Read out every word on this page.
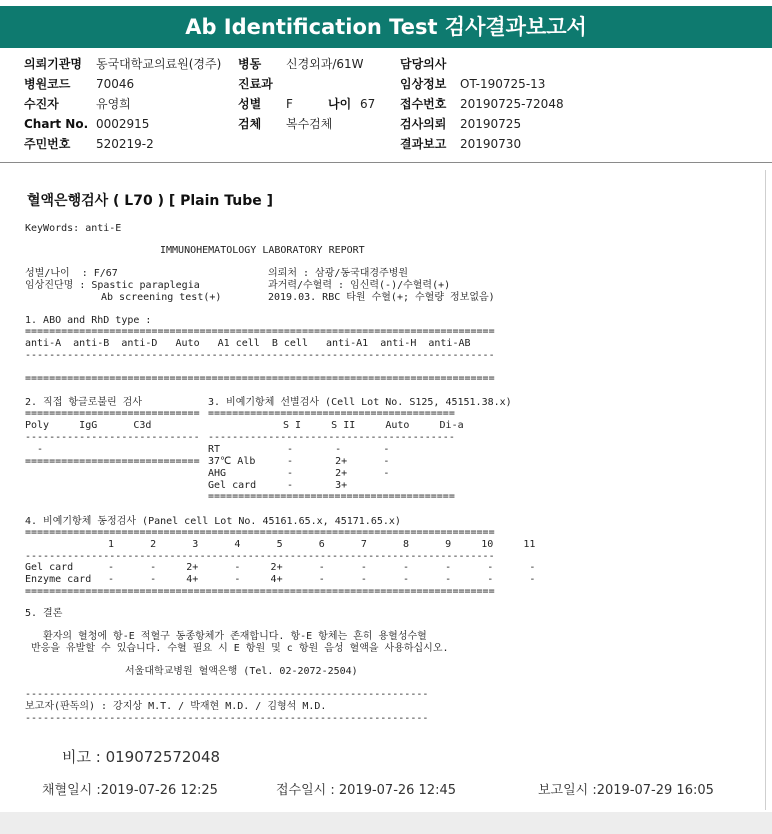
Ab Identification Test 검사결과보고서
의뢰기관명 동국대학교의료원(경주) 병동 신경외과/61W	담당의사
병원코드 70046	진료과	임상정보 OT-190725-13
수진자	유영희	성별 F	나이 67 접수번호 20190725-72048
Chart No. 0002915	검체 복수검체	검사의뢰 20190725
주민번호 520219-2	결과보고 20190730
혈액은행검사 ( L70 ) [ Plain Tube ]
KeyWords: anti-E
IMMUNOHEMATOLOGY LABORATORY REPORT
성별/나이  : F/67	의뢰처 : 삼광/동국대경주병원
임상진단명 : Spastic paraplegia	과거력/수혈력 : 임신력(-)/수혈력(+)
Ab screening test(+)	2019.03. RBC 타원 수혈(+; 수혈량 정보없음)
1. ABO and RhD type :
==============================================================================
anti-A  anti-B  anti-D   Auto   A1 cell  B cell   anti-A1  anti-H  anti-AB
------------------------------------------------------------------------------
==============================================================================
2. 직접 항글로불린 검사	3. 비예기항체 선별검사 (Cell Lot No. S125, 45151.38.x)
============================= =========================================
Poly     IgG      C3d	S I     S II     Auto     Di-a
----------------------------- -----------------------------------------
-
=============================
RT	-       -       -
37℃ Alb	-       2+      -
AHG	-       2+      -
Gel card	-       3+
=========================================
4. 비예기항체 동정검사 (Panel cell Lot No. 45161.65.x, 45171.65.x)
==============================================================================
1      2      3      4      5      6      7      8      9     10     11
------------------------------------------------------------------------------
Gel card	-      -     2+      -     2+      -      -      -      -      -      -
Enzyme card -      -     4+      -     4+      -      -      -      -      -      -
==============================================================================
5. 결론
환자의 혈청에 항-E 적혈구 동종항체가 존재합니다. 항-E 항체는 흔히 용혈성수혈
반응을 유발할 수 있습니다. 수혈 필요 시 E 항원 및 c 항원 음성 혈액을 사용하십시오.
서울대학교병원 혈액은행 (Tel. 02-2072-2504)
-------------------------------------------------------------------
보고자(판독의) : 강지상 M.T. / 박재현 M.D. / 김형석 M.D.
-------------------------------------------------------------------
비고 : 019072572048
채혈일시 :2019-07-26 12:25	접수일시 : 2019-07-26 12:45	보고일시 :2019-07-29 16:05
